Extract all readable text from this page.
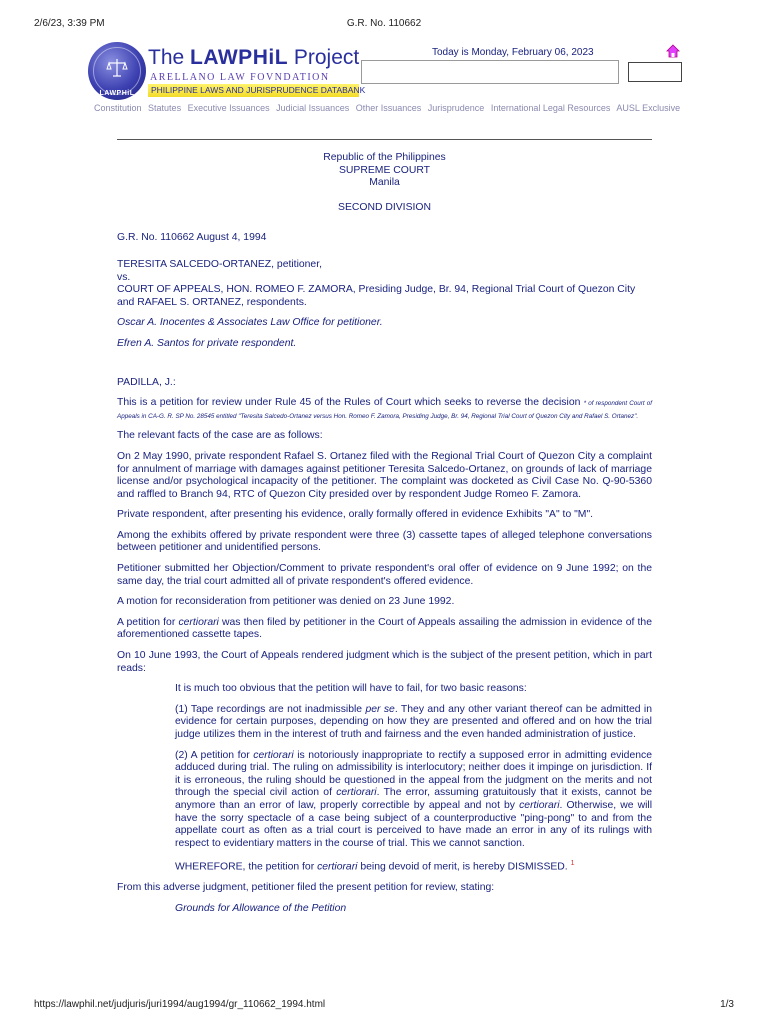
2/6/23, 3:39 PM	G.R. No. 110662
LAWPHiL
The LAWPHiL Project
ARELLANO LAW FOVNDATION
PHILIPPINE LAWS AND JURISPRUDENCE DATABANK
Today is Monday, February 06, 2023
Constitution Statutes Executive Issuances Judicial Issuances Other Issuances Jurisprudence International Legal Resources AUSL Exclusive

Republic of the Philippines

SUPREME COURT

Manila

SECOND DIVISION

G.R. No. 110662 August 4, 1994

TERESITA SALCEDO-ORTANEZ, petitioner,

vs.

COURT OF APPEALS, HON. ROMEO F. ZAMORA, Presiding Judge, Br. 94, Regional Trial Court of Quezon City and RAFAEL S. ORTANEZ, respondents.

Oscar A. Inocentes & Associates Law Office for petitioner.

Efren A. Santos for private respondent.

PADILLA, J.:

This is a petition for review under Rule 45 of the Rules of Court which seeks to reverse the decision * of respondent Court of Appeals in CA-G. R. SP No. 28545 entitled "Teresita Salcedo-Ortanez versus Hon. Romeo F. Zamora, Presiding Judge, Br. 94, Regional Trial Court of Quezon City and Rafael S. Ortanez".

The relevant facts of the case are as follows:

On 2 May 1990, private respondent Rafael S. Ortanez filed with the Regional Trial Court of Quezon City a complaint for annulment of marriage with damages against petitioner Teresita Salcedo-Ortanez, on grounds of lack of marriage license and/or psychological incapacity of the petitioner. The complaint was docketed as Civil Case No. Q-90-5360 and raffled to Branch 94, RTC of Quezon City presided over by respondent Judge Romeo F. Zamora.

Private respondent, after presenting his evidence, orally formally offered in evidence Exhibits "A" to "M".

Among the exhibits offered by private respondent were three (3) cassette tapes of alleged telephone conversations between petitioner and unidentified persons.

Petitioner submitted her Objection/Comment to private respondent's oral offer of evidence on 9 June 1992; on the same day, the trial court admitted all of private respondent's offered evidence.

A motion for reconsideration from petitioner was denied on 23 June 1992.

A petition for certiorari was then filed by petitioner in the Court of Appeals assailing the admission in evidence of the aforementioned cassette tapes.

On 10 June 1993, the Court of Appeals rendered judgment which is the subject of the present petition, which in part reads:

It is much too obvious that the petition will have to fail, for two basic reasons:

(1) Tape recordings are not inadmissible per se. They and any other variant thereof can be admitted in evidence for certain purposes, depending on how they are presented and offered and on how the trial judge utilizes them in the interest of truth and fairness and the even handed administration of justice.

(2) A petition for certiorari is notoriously inappropriate to rectify a supposed error in admitting evidence adduced during trial. The ruling on admissibility is interlocutory; neither does it impinge on jurisdiction. If it is erroneous, the ruling should be questioned in the appeal from the judgment on the merits and not through the special civil action of certiorari. The error, assuming gratuitously that it exists, cannot be anymore than an error of law, properly correctible by appeal and not by certiorari. Otherwise, we will have the sorry spectacle of a case being subject of a counterproductive "ping-pong" to and from the appellate court as often as a trial court is perceived to have made an error in any of its rulings with respect to evidentiary matters in the course of trial. This we cannot sanction.

WHEREFORE, the petition for certiorari being devoid of merit, is hereby DISMISSED. $^1$

From this adverse judgment, petitioner filed the present petition for review, stating:

Grounds for Allowance of the Petition

https://lawphil.net/judjuris/juri1994/aug1994/gr_110662_1994.html	1/3
